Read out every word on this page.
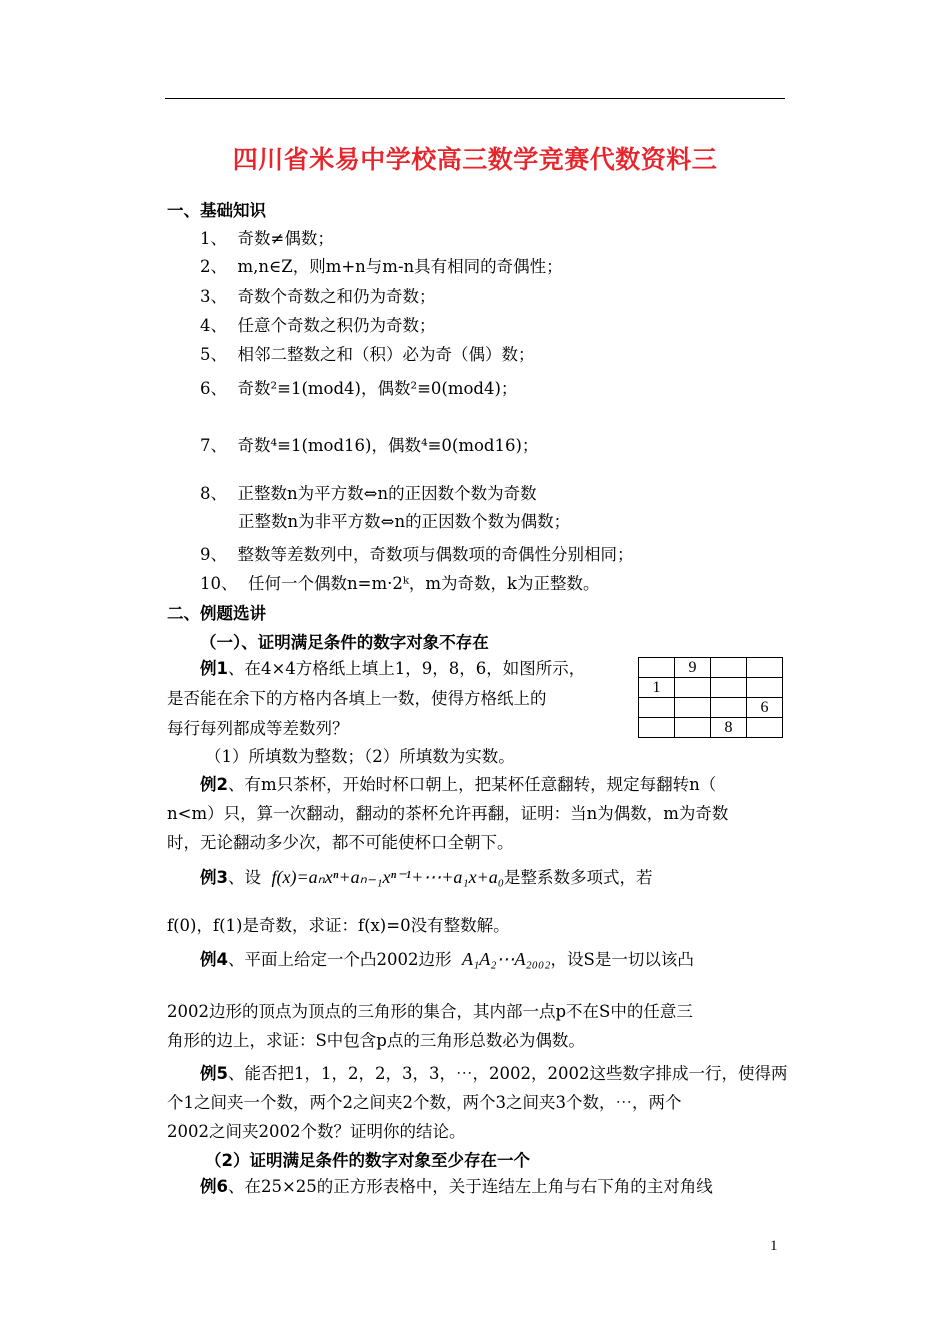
四川省米易中学校高三数学竞赛代数资料三
一、基础知识
1、 奇数≠偶数；
2、 m,n∈Z，则m+n与m-n具有相同的奇偶性；
3、 奇数个奇数之和仍为奇数；
4、 任意个奇数之积仍为奇数；
5、 相邻二整数之和（积）必为奇（偶）数；
6、 奇数²≡1(mod4)，偶数²≡0(mod4)；
7、 奇数⁴≡1(mod16)，偶数⁴≡0(mod16)；
8、 正整数n为平方数⇔n的正因数个数为奇数
正整数n为非平方数⇔n的正因数个数为偶数；
9、 整数等差数列中，奇数项与偶数项的奇偶性分别相同；
10、 任何一个偶数n=m·2ᵏ，m为奇数，k为正整数。
二、例题选讲
（一）、证明满足条件的数字对象不存在
例1、在4×4方格纸上填上1，9，8，6，如图所示，
是否能在余下的方格内各填上一数，使得方格纸上的
每行每列都成等差数列？
（1）所填数为整数；（2）所填数为实数。
	9		
1			
			6
		8	
例2、有m只茶杯，开始时杯口朝上，把某杯任意翻转，规定每翻转n（
n<m）只，算一次翻动，翻动的茶杯允许再翻，证明：当n为偶数，m为奇数
时，无论翻动多少次，都不可能使杯口全朝下。
例3、设 f(x)=aₙxⁿ+aₙ₋₁xⁿ⁻¹+⋯+a₁x+a₀是整系数多项式，若
f(0)，f(1)是奇数，求证：f(x)=0没有整数解。
例4、平面上给定一个凸2002边形 A₁A₂⋯A₂₀₀₂，设S是一切以该凸
2002边形的顶点为顶点的三角形的集合，其内部一点p不在S中的任意三
角形的边上，求证：S中包含p点的三角形总数必为偶数。
例5、能否把1，1，2，2，3，3，⋯，2002，2002这些数字排成一行，使得两
个1之间夹一个数，两个2之间夹2个数，两个3之间夹3个数，⋯，两个
2002之间夹2002个数？证明你的结论。
（2）证明满足条件的数字对象至少存在一个
例6、在25×25的正方形表格中，关于连结左上角与右下角的主对角线
1
